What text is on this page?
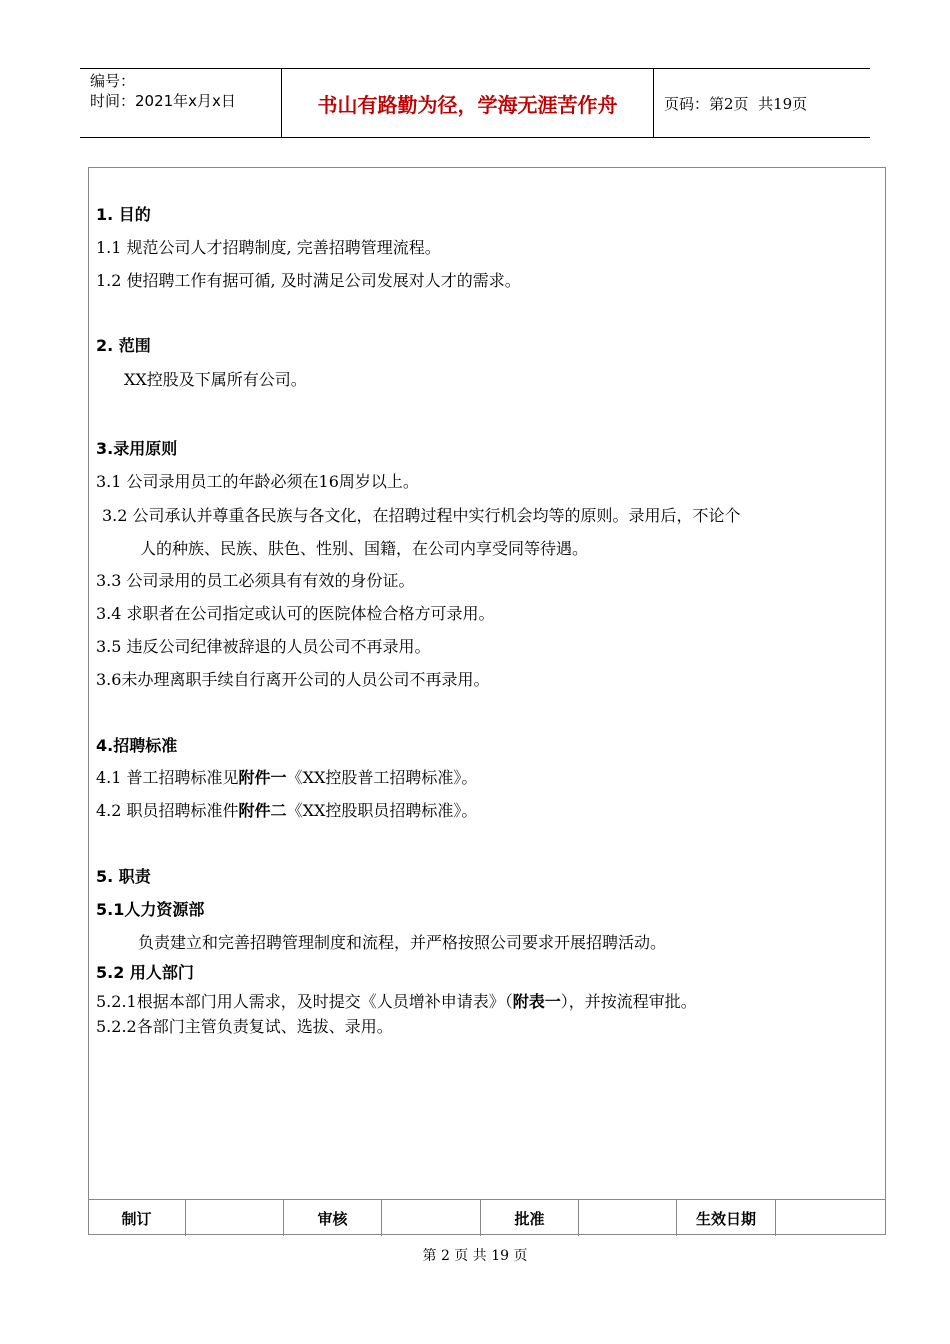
编号：
时间：2021年x月x日	书山有路勤为径，学海无涯苦作舟	页码：第2页  共19页
1. 目的
1.1 规范公司人才招聘制度, 完善招聘管理流程。
1.2 使招聘工作有据可循, 及时满足公司发展对人才的需求。
2. 范围
XX控股及下属所有公司。
3.录用原则
3.1 公司录用员工的年龄必须在16周岁以上。
3.2 公司承认并尊重各民族与各文化，在招聘过程中实行机会均等的原则。录用后，不论个
人的种族、民族、肤色、性别、国籍，在公司内享受同等待遇。
3.3 公司录用的员工必须具有有效的身份证。
3.4 求职者在公司指定或认可的医院体检合格方可录用。
3.5 违反公司纪律被辞退的人员公司不再录用。
3.6未办理离职手续自行离开公司的人员公司不再录用。
4.招聘标准
4.1 普工招聘标准见附件一《XX控股普工招聘标准》。
4.2 职员招聘标准件附件二《XX控股职员招聘标准》。
5. 职责
5.1人力资源部
负责建立和完善招聘管理制度和流程，并严格按照公司要求开展招聘活动。
5.2 用人部门
5.2.1根据本部门用人需求，及时提交《人员增补申请表》（附表一），并按流程审批。
5.2.2各部门主管负责复试、选拔、录用。
制订	审核	批准	生效日期
第 2 页 共 19 页
